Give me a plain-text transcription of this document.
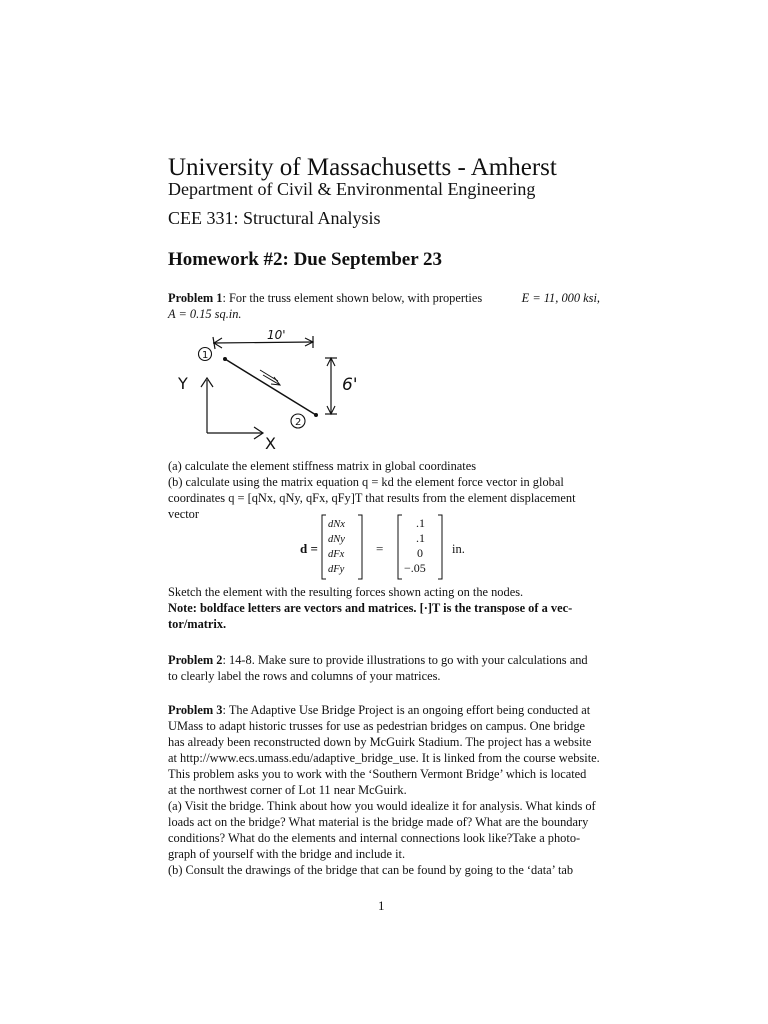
University of Massachusetts - Amherst
Department of Civil & Environmental Engineering
CEE 331: Structural Analysis
Homework #2: Due September 23
Problem 1: For the truss element shown below, with properties	E = 11, 000 ksi,
A = 0.15 sq.in.
10'
1
2
6'
Y
X
(a) calculate the element stiffness matrix in global coordinates
(b) calculate using the matrix equation q = kd the element force vector in global
coordinates q = [qNx, qNy, qFx, qFy]T that results from the element displacement
vector
d =
dNx
dNy
dFx
dFy
=
.1
.1
0
−.05
in.
Sketch the element with the resulting forces shown acting on the nodes.
Note: boldface letters are vectors and matrices. [·]T is the transpose of a vec-
tor/matrix.
Problem 2: 14-8. Make sure to provide illustrations to go with your calculations and
to clearly label the rows and columns of your matrices.
Problem 3: The Adaptive Use Bridge Project is an ongoing effort being conducted at
UMass to adapt historic trusses for use as pedestrian bridges on campus. One bridge
has already been reconstructed down by McGuirk Stadium. The project has a website
at http://www.ecs.umass.edu/adaptive_bridge_use. It is linked from the course website.
This problem asks you to work with the ‘Southern Vermont Bridge’ which is located
at the northwest corner of Lot 11 near McGuirk.
(a) Visit the bridge. Think about how you would idealize it for analysis. What kinds of
loads act on the bridge? What material is the bridge made of? What are the boundary
conditions? What do the elements and internal connections look like?Take a photo-
graph of yourself with the bridge and include it.
(b) Consult the drawings of the bridge that can be found by going to the ‘data’ tab
1
